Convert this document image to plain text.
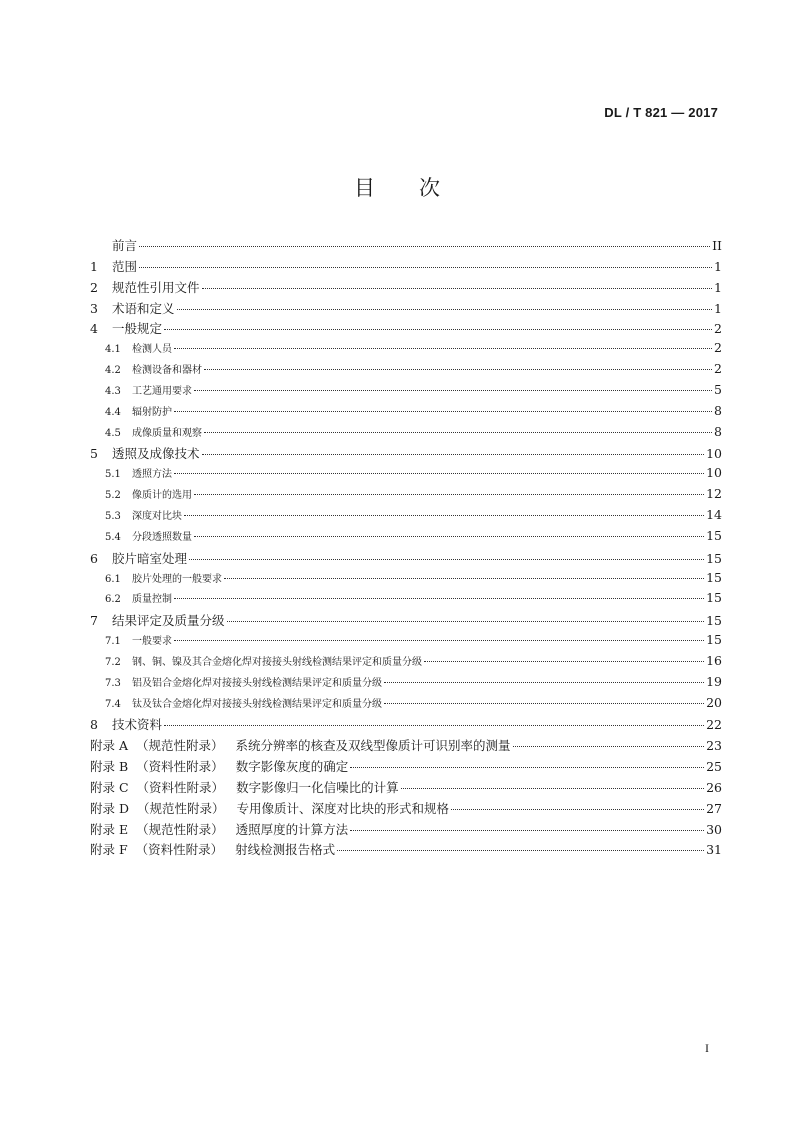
DL / T 821 — 2017
目 次
前言	II
1	范围	1
2	规范性引用文件	1
3	术语和定义	1
4	一般规定	2
4.1	检测人员	2
4.2	检测设备和器材	2
4.3	工艺通用要求	5
4.4	辐射防护	8
4.5	成像质量和观察	8
5	透照及成像技术	10
5.1	透照方法	10
5.2	像质计的选用	12
5.3	深度对比块	14
5.4	分段透照数量	15
6	胶片暗室处理	15
6.1	胶片处理的一般要求	15
6.2	质量控制	15
7	结果评定及质量分级	15
7.1	一般要求	15
7.2	钢、铜、镍及其合金熔化焊对接接头射线检测结果评定和质量分级	16
7.3	铝及铝合金熔化焊对接接头射线检测结果评定和质量分级	19
7.4	钛及钛合金熔化焊对接接头射线检测结果评定和质量分级	20
8	技术资料	22
附录 A （规范性附录） 系统分辨率的核查及双线型像质计可识别率的测量	23
附录 B （资料性附录） 数字影像灰度的确定	25
附录 C （资料性附录） 数字影像归一化信噪比的计算	26
附录 D （规范性附录） 专用像质计、深度对比块的形式和规格	27
附录 E （规范性附录） 透照厚度的计算方法	30
附录 F （资料性附录） 射线检测报告格式	31
I
